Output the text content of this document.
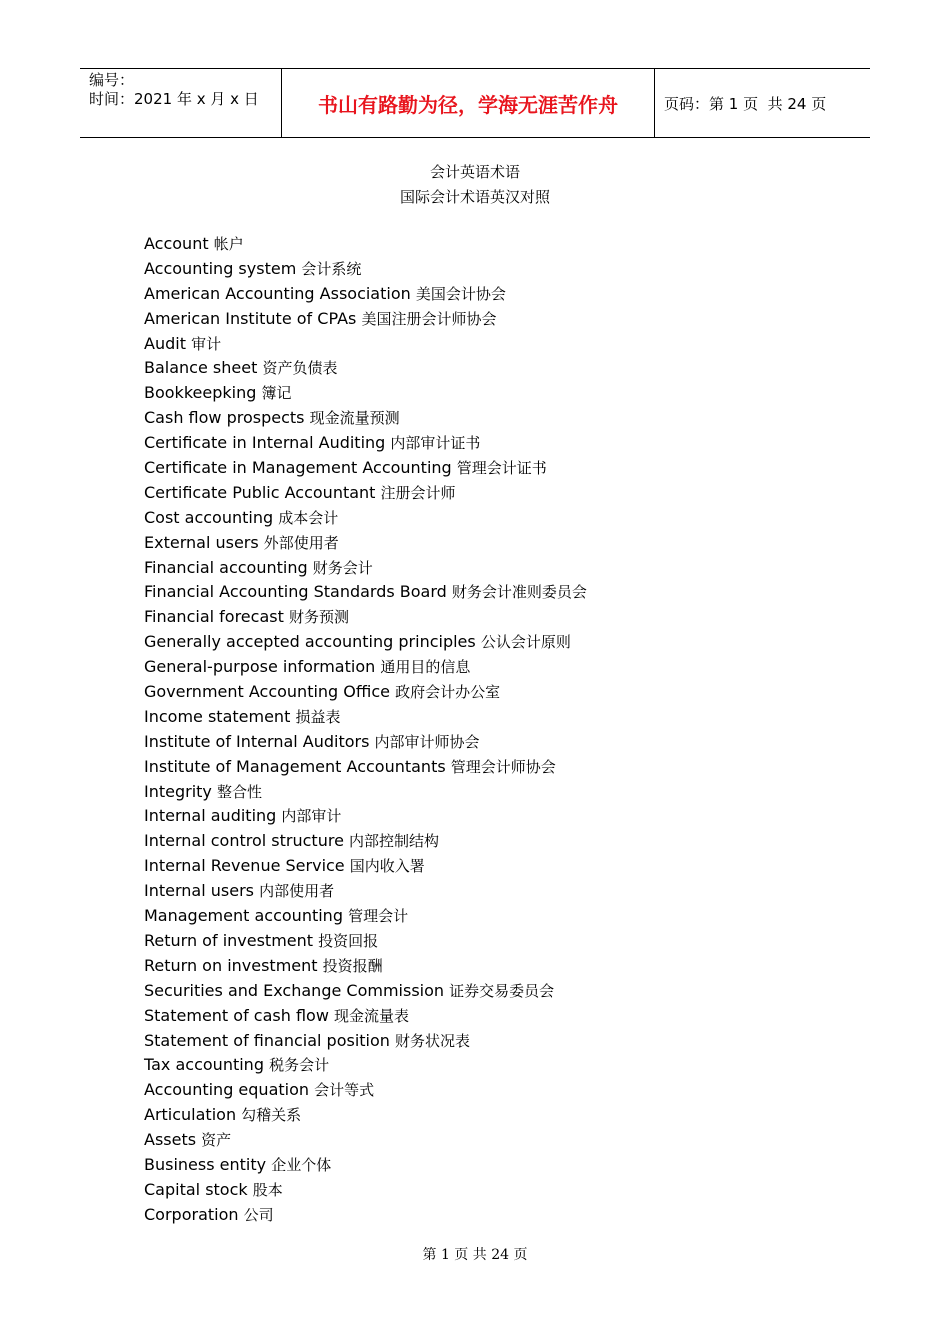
编号：
时间：2021 年 x 月 x 日	书山有路勤为径，学海无涯苦作舟	页码：第 1 页  共 24 页
会计英语术语
国际会计术语英汉对照
Account 帐户
Accounting system 会计系统
American Accounting Association 美国会计协会
American Institute of CPAs 美国注册会计师协会
Audit 审计
Balance sheet 资产负债表
Bookkeepking 簿记
Cash flow prospects 现金流量预测
Certificate in Internal Auditing 内部审计证书
Certificate in Management Accounting 管理会计证书
Certificate Public Accountant 注册会计师
Cost accounting 成本会计
External users 外部使用者
Financial accounting 财务会计
Financial Accounting Standards Board 财务会计准则委员会
Financial forecast 财务预测
Generally accepted accounting principles 公认会计原则
General-purpose information 通用目的信息
Government Accounting Office 政府会计办公室
Income statement 损益表
Institute of Internal Auditors 内部审计师协会
Institute of Management Accountants 管理会计师协会
Integrity 整合性
Internal auditing 内部审计
Internal control structure 内部控制结构
Internal Revenue Service 国内收入署
Internal users 内部使用者
Management accounting 管理会计
Return of investment 投资回报
Return on investment 投资报酬
Securities and Exchange Commission 证券交易委员会
Statement of cash flow 现金流量表
Statement of financial position 财务状况表
Tax accounting 税务会计
Accounting equation 会计等式
Articulation 勾稽关系
Assets 资产
Business entity 企业个体
Capital stock 股本
Corporation 公司
第 1 页 共 24 页
